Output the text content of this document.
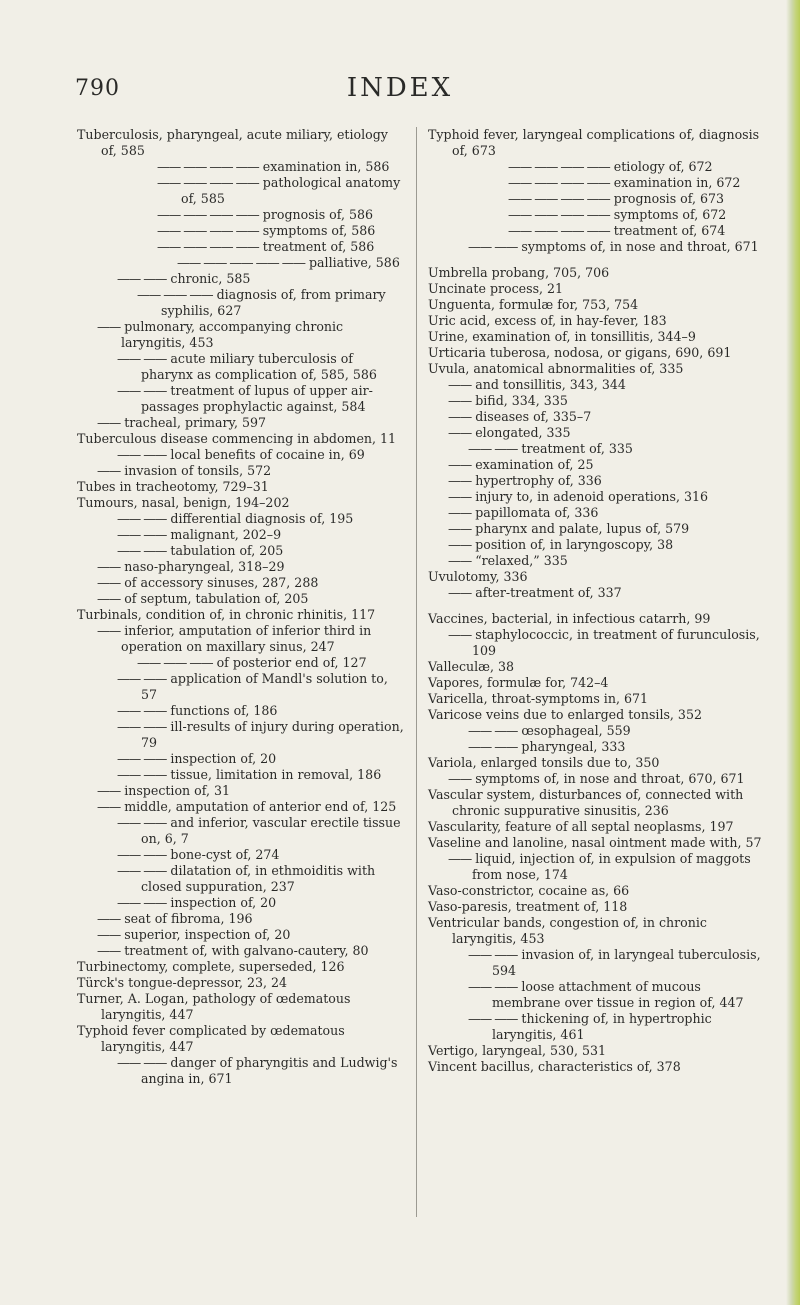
790	INDEX
Tuberculosis, pharyngeal, acute miliary, etiology of, 585
—— —— —— —— examination in, 586
—— —— —— —— pathological anatomy of, 585
—— —— —— —— prognosis of, 586
—— —— —— —— symptoms of, 586
—— —— —— —— treatment of, 586
—— —— —— —— —— palliative, 586
—— —— chronic, 585
—— —— —— diagnosis of, from primary syphilis, 627
—— pulmonary, accompanying chronic laryngitis, 453
—— —— acute miliary tuberculosis of pharynx as complication of, 585, 586
—— —— treatment of lupus of upper air-passages prophylactic against, 584
—— tracheal, primary, 597
Tuberculous disease commencing in abdomen, 11
—— —— local benefits of cocaine in, 69
—— invasion of tonsils, 572
Tubes in tracheotomy, 729–31
Tumours, nasal, benign, 194–202
—— —— differential diagnosis of, 195
—— —— malignant, 202–9
—— —— tabulation of, 205
—— naso-pharyngeal, 318–29
—— of accessory sinuses, 287, 288
—— of septum, tabulation of, 205
Turbinals, condition of, in chronic rhinitis, 117
—— inferior, amputation of inferior third in operation on maxillary sinus, 247
—— —— —— of posterior end of, 127
—— —— application of Mandl's solution to, 57
—— —— functions of, 186
—— —— ill-results of injury during operation, 79
—— —— inspection of, 20
—— —— tissue, limitation in removal, 186
—— inspection of, 31
—— middle, amputation of anterior end of, 125
—— —— and inferior, vascular erectile tissue on, 6, 7
—— —— bone-cyst of, 274
—— —— dilatation of, in ethmoiditis with closed suppuration, 237
—— —— inspection of, 20
—— seat of fibroma, 196
—— superior, inspection of, 20
—— treatment of, with galvano-cautery, 80
Turbinectomy, complete, superseded, 126
Türck's tongue-depressor, 23, 24
Turner, A. Logan, pathology of œdematous laryngitis, 447
Typhoid fever complicated by œdematous laryngitis, 447
—— —— danger of pharyngitis and Ludwig's angina in, 671
Typhoid fever, laryngeal complications of, diagnosis of, 673
—— —— —— —— etiology of, 672
—— —— —— —— examination in, 672
—— —— —— —— prognosis of, 673
—— —— —— —— symptoms of, 672
—— —— —— —— treatment of, 674
—— —— symptoms of, in nose and throat, 671
Umbrella probang, 705, 706
Uncinate process, 21
Unguenta, formulæ for, 753, 754
Uric acid, excess of, in hay-fever, 183
Urine, examination of, in tonsillitis, 344–9
Urticaria tuberosa, nodosa, or gigans, 690, 691
Uvula, anatomical abnormalities of, 335
—— and tonsillitis, 343, 344
—— bifid, 334, 335
—— diseases of, 335–7
—— elongated, 335
—— —— treatment of, 335
—— examination of, 25
—— hypertrophy of, 336
—— injury to, in adenoid operations, 316
—— papillomata of, 336
—— pharynx and palate, lupus of, 579
—— position of, in laryngoscopy, 38
—— “relaxed,” 335
Uvulotomy, 336
—— after-treatment of, 337
Vaccines, bacterial, in infectious catarrh, 99
—— staphylococcic, in treatment of furunculosis, 109
Valleculæ, 38
Vapores, formulæ for, 742–4
Varicella, throat-symptoms in, 671
Varicose veins due to enlarged tonsils, 352
—— —— œsophageal, 559
—— —— pharyngeal, 333
Variola, enlarged tonsils due to, 350
—— symptoms of, in nose and throat, 670, 671
Vascular system, disturbances of, connected with chronic suppurative sinusitis, 236
Vascularity, feature of all septal neoplasms, 197
Vaseline and lanoline, nasal ointment made with, 57
—— liquid, injection of, in expulsion of maggots from nose, 174
Vaso-constrictor, cocaine as, 66
Vaso-paresis, treatment of, 118
Ventricular bands, congestion of, in chronic laryngitis, 453
—— —— invasion of, in laryngeal tuberculosis, 594
—— —— loose attachment of mucous membrane over tissue in region of, 447
—— —— thickening of, in hypertrophic laryngitis, 461
Vertigo, laryngeal, 530, 531
Vincent bacillus, characteristics of, 378
